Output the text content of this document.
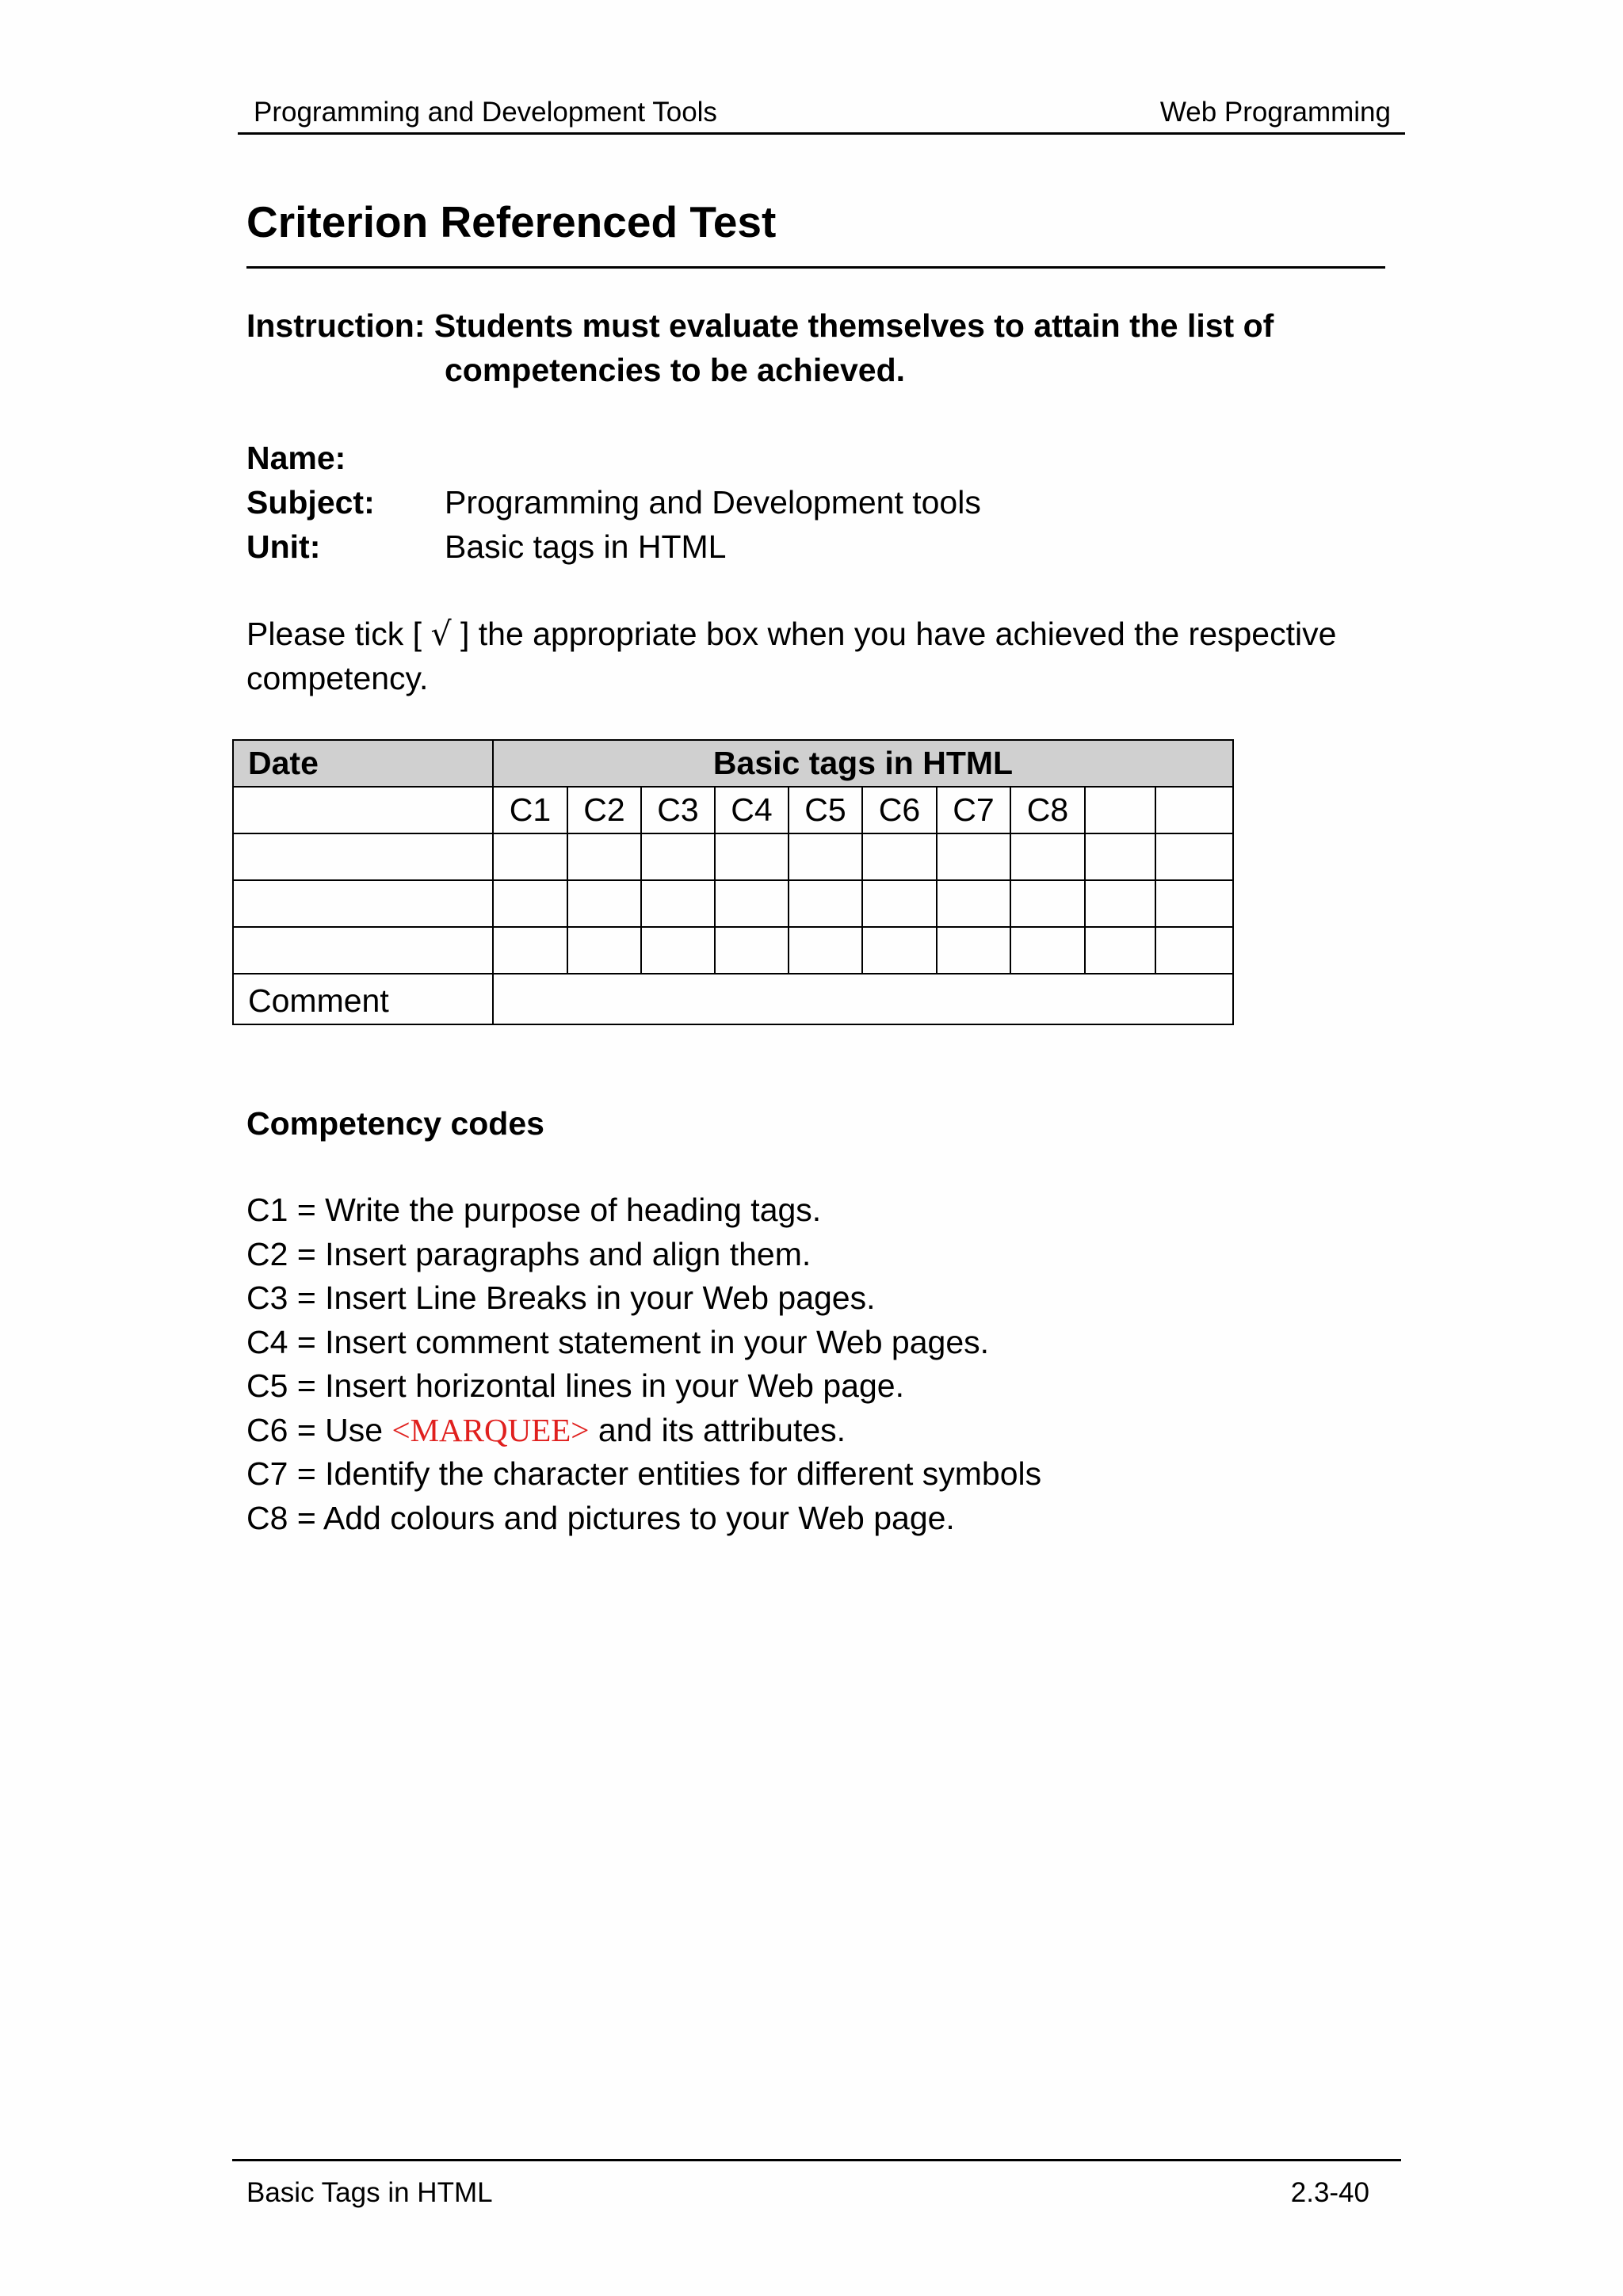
Programming and Development Tools	Web Programming
Criterion Referenced Test
Instruction: Students must evaluate themselves to attain the list of
competencies to be achieved.
Name:
Subject: Programming and Development tools
Unit:	Basic tags in HTML
Please tick [ √ ] the appropriate box when you have achieved the respective
competency.
Date	Basic tags in HTML									
	C1	C2	C3	C4	C5	C6	C7	C8		

Comment										
Competency codes
C1 = Write the purpose of heading tags.
C2 = Insert paragraphs and align them.
C3 = Insert Line Breaks in your Web pages.
C4 = Insert comment statement in your Web pages.
C5 = Insert horizontal lines in your Web page.
C6 = Use <MARQUEE> and its attributes.
C7 = Identify the character entities for different symbols
C8 = Add colours and pictures to your Web page.
Basic Tags in HTML	2.3-40
